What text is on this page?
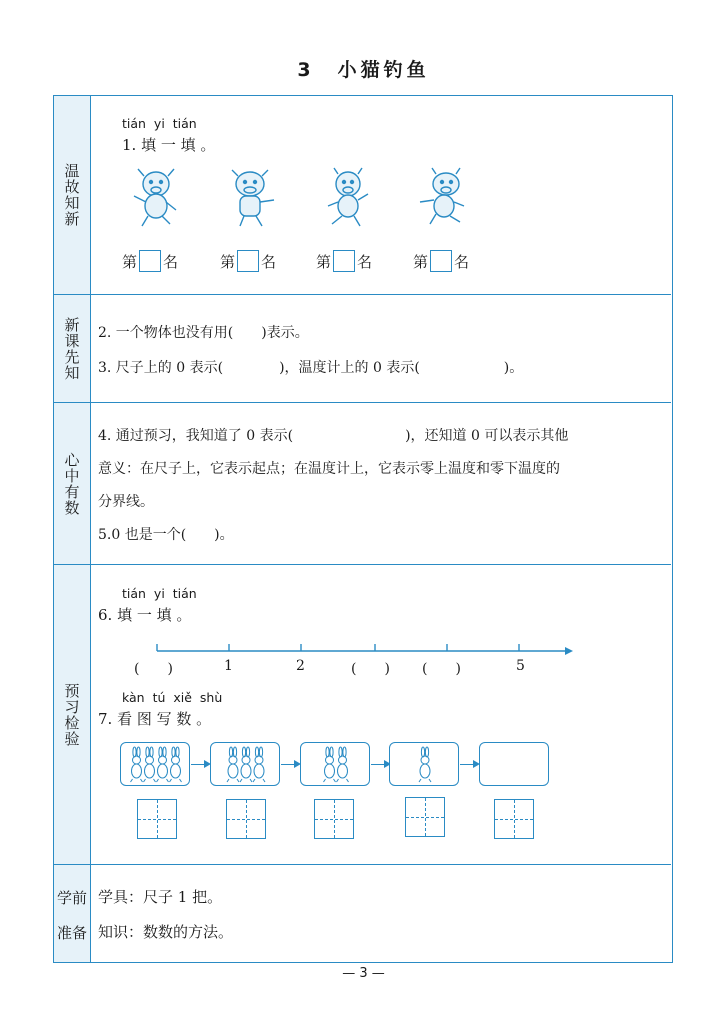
3　小猫钓鱼
温故知新
tián yi tián
1. 填 一 填 。
第 名	第 名	第 名	第 名
新课先知 2. 一个物体也没有用(　　)表示。
3. 尺子上的 0 表示(　　　　)，温度计上的 0 表示(　　　　　　)。
心中有数
4. 通过预习，我知道了 0 表示(　　　　　　　　)，还知道 0 可以表示其他
意义：在尺子上，它表示起点；在温度计上，它表示零上温度和零下温度的
分界线。
5.0 也是一个(　　)。
预习检验
tián yi tián
6. 填 一 填 。
(　　)	1	2	(　　) (　　)	5
kàn tú xiě shù
7. 看 图 写 数 。
学前
准备
学具：尺子 1 把。
知识：数数的方法。
— 3 —
